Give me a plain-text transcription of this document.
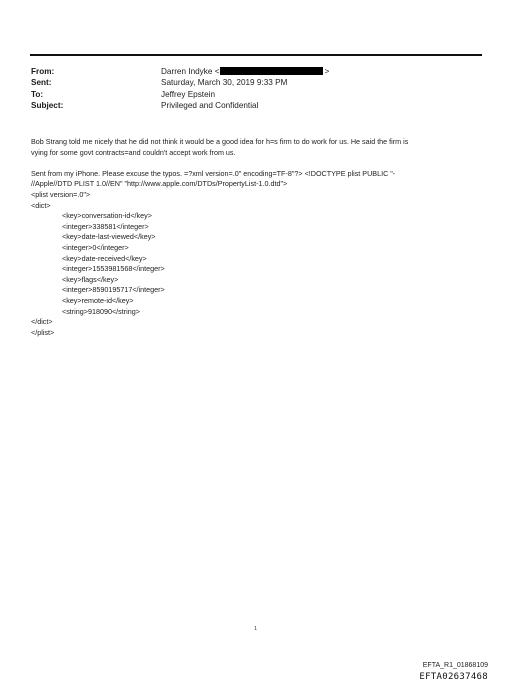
From:	Darren Indyke <	>
Sent:	Saturday, March 30, 2019 9:33 PM
To:	Jeffrey Epstein
Subject:	Privileged and Confidential
Bob Strang told me nicely that he did not think it would be a good idea for h=s firm to do work for us. He said the firm is
vying for some govt contracts=and couldn't accept work from us.
Sent from my iPhone. Please excuse the typos. =?xml version=.0" encoding=TF-8"?> <!DOCTYPE plist PUBLIC "-
//Apple//DTD PLIST 1.0//EN" "http://www.apple.com/DTDs/PropertyList-1.0.dtd">
<plist version=.0">
<dict>
<key>conversation-id</key>
<integer>338581</integer>
<key>date-last-viewed</key>
<integer>0</integer>
<key>date-received</key>
<integer>1553981568</integer>
<key>flags</key>
<integer>8590195717</integer>
<key>remote-id</key>
<string>918090</string>
</dict>
</plist>
1
EFTA_R1_01868109
EFTA02637468
